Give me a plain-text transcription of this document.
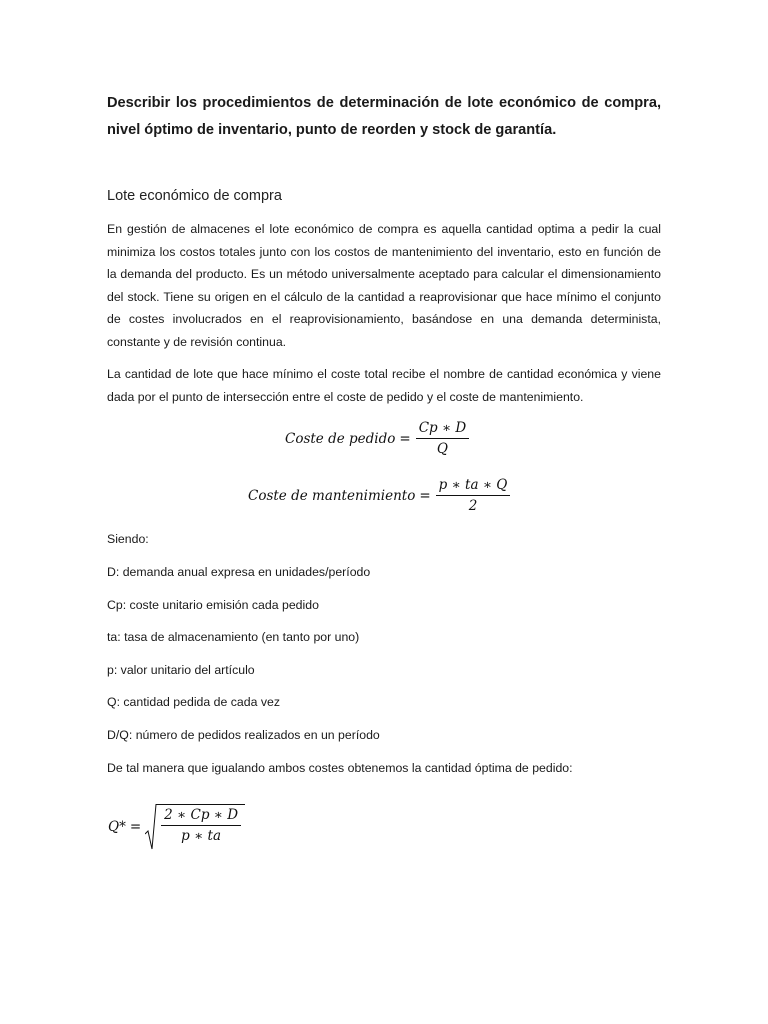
Describir los procedimientos de determinación de lote económico de compra, nivel óptimo de inventario, punto de reorden y stock de garantía.
Lote económico de compra

En gestión de almacenes el lote económico de compra es aquella cantidad optima a pedir la cual minimiza los costos totales junto con los costos de mantenimiento del inventario, esto en función de la demanda del producto. Es un método universalmente aceptado para calcular el dimensionamiento del stock. Tiene su origen en el cálculo de la cantidad a reaprovisionar que hace mínimo el conjunto de costes involucrados en el reaprovisionamiento, basándose en una demanda determinista, constante y de revisión continua.

La cantidad de lote que hace mínimo el coste total recibe el nombre de cantidad económica y viene dada por el punto de intersección entre el coste de pedido y el coste de mantenimiento.

Coste de pedido = $\frac{Cp ∗ D}{Q}$
Coste de mantenimiento = $\frac{p ∗ ta ∗ Q}{2}$

Siendo:

D: demanda anual expresa en unidades/período

Cp: coste unitario emisión cada pedido

ta: tasa de almacenamiento (en tanto por uno)

p: valor unitario del artículo

Q: cantidad pedida de cada vez

D/Q: número de pedidos realizados en un período

De tal manera que igualando ambos costes obtenemos la cantidad óptima de pedido:

$Q* = \frac{2 ∗ Cp ∗ D}{p ∗ ta}$
